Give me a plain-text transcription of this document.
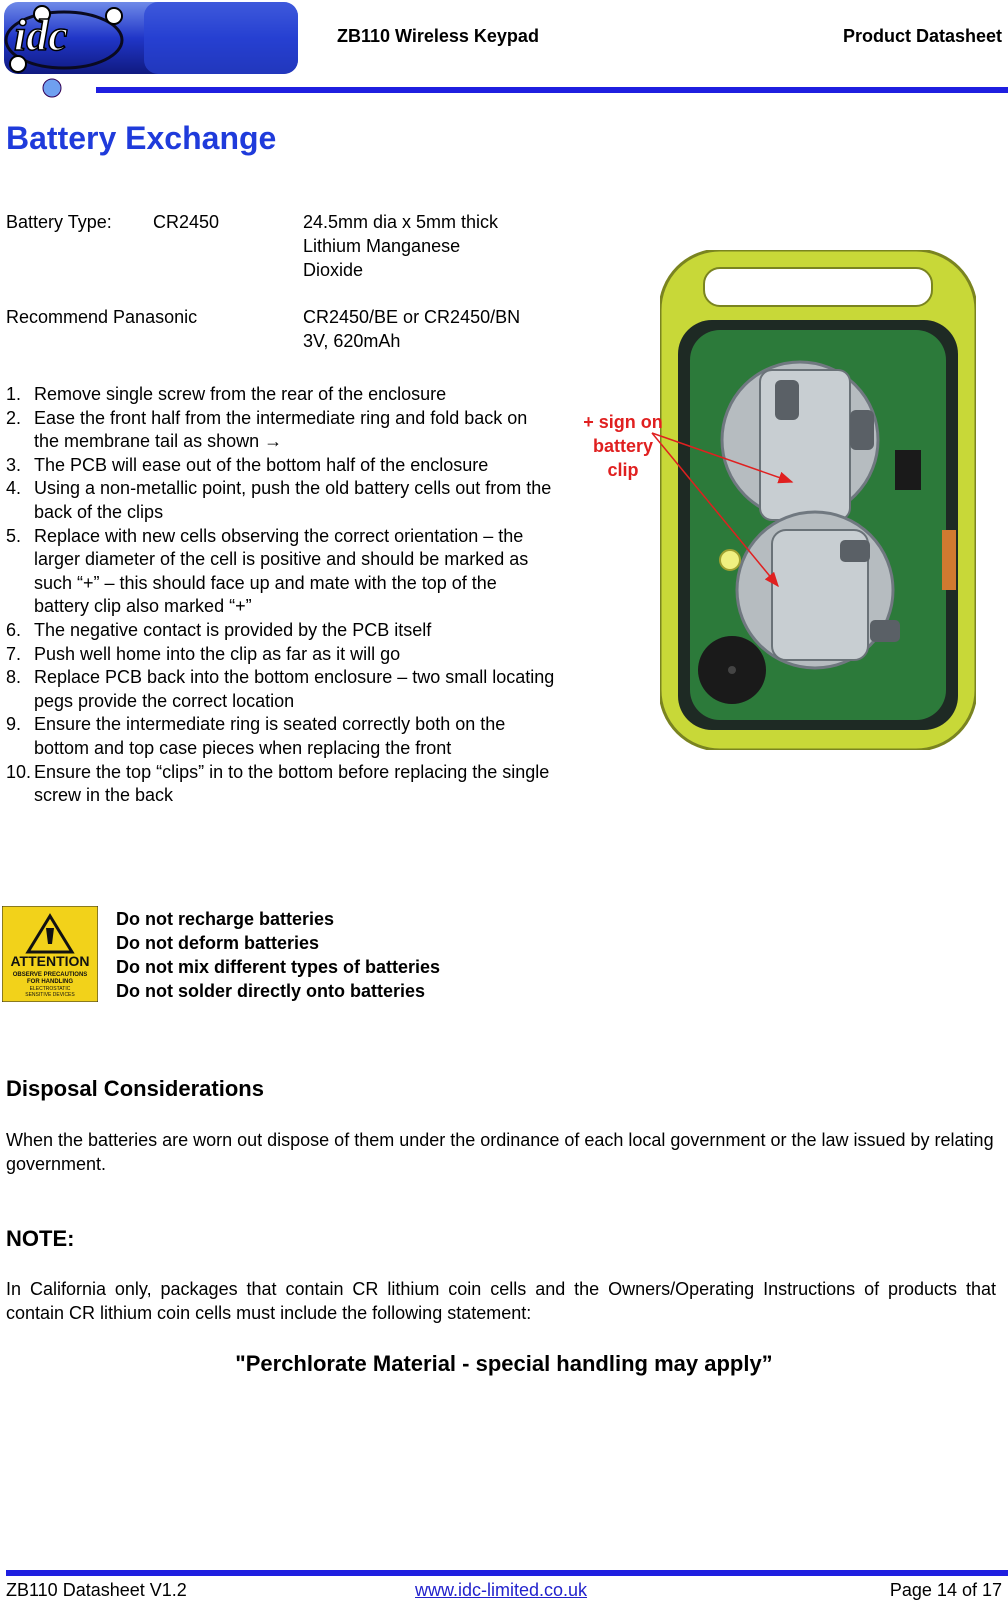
idc	ZB110 Wireless Keypad	Product Datasheet
Battery Exchange
Battery Type: CR2450	24.5mm dia x 5mm thick
Lithium Manganese
Dioxide
Recommend Panasonic	CR2450/BE or CR2450/BN
3V, 620mAh
1. Remove single screw from the rear of the enclosure
2. Ease the front half from the intermediate ring and fold back on the membrane tail as shown →
3. The PCB will ease out of the bottom half of the enclosure
4. Using a non-metallic point, push the old battery cells out from the back of the clips
5. Replace with new cells observing the correct orientation – the larger diameter of the cell is positive and should be marked as such “+” – this should face up and mate with the top of the battery clip also marked “+”
6. The negative contact is provided by the PCB itself
7. Push well home into the clip as far as it will go
8. Replace PCB back into the bottom enclosure – two small locating pegs provide the correct location
9. Ensure the intermediate ring is seated correctly both on the bottom and top case pieces when replacing the front
10. Ensure the top “clips” in to the bottom before replacing the single screw in the back
+ sign on
battery
clip
ATTENTION
OBSERVE PRECAUTIONS
FOR HANDLING
ELECTROSTATIC
SENSITIVE DEVICES
Do not recharge batteries
Do not deform batteries
Do not mix different types of batteries
Do not solder directly onto batteries
Disposal Considerations
When the batteries are worn out dispose of them under the ordinance of each local government or the law issued by relating government.
NOTE:
In California only, packages that contain CR lithium coin cells and the Owners/Operating Instructions of products that contain CR lithium coin cells must include the following statement:
"Perchlorate Material - special handling may apply”
ZB110 Datasheet V1.2	www.idc-limited.co.uk	Page 14 of 17
